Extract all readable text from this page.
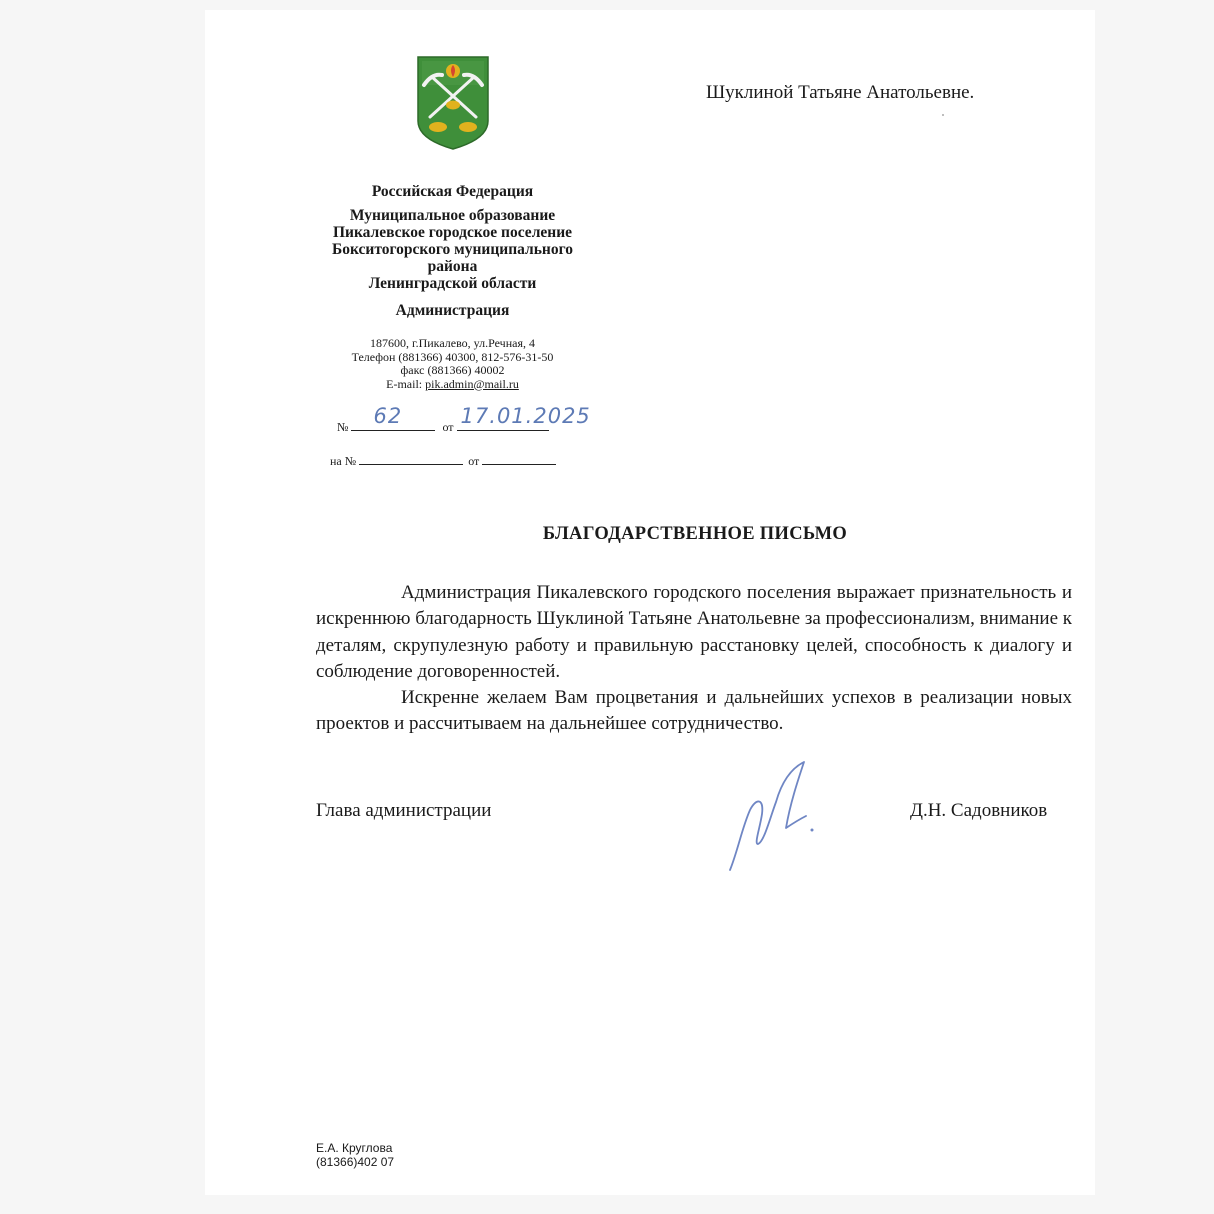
Шуклиной Татьяне Анатольевне.
Российская Федерация
Муниципальное образование
Пикалевское городское поселение
Бокситогорского муниципального
района
Ленинградской области
Администрация
187600, г.Пикалево, ул.Речная, 4
Телефон (881366) 40300, 812-576-31-50
факс (881366) 40002
E-mail: pik.admin@mail.ru
№ 62	от 17.01.2025
на №	от
БЛАГОДАРСТВЕННОЕ ПИСЬМО

Администрация Пикалевского городского поселения выражает признательность и искреннюю благодарность Шуклиной Татьяне Анатольевне за профессионализм, внимание к деталям, скрупулезную работу и правильную расстановку целей, способность к диалогу и соблюдение договоренностей.

Искренне желаем Вам процветания и дальнейших успехов в реализации новых проектов и рассчитываем на дальнейшее сотрудничество.

Глава администрации	Д.Н. Садовников
Е.А. Круглова
(81366)402 07
